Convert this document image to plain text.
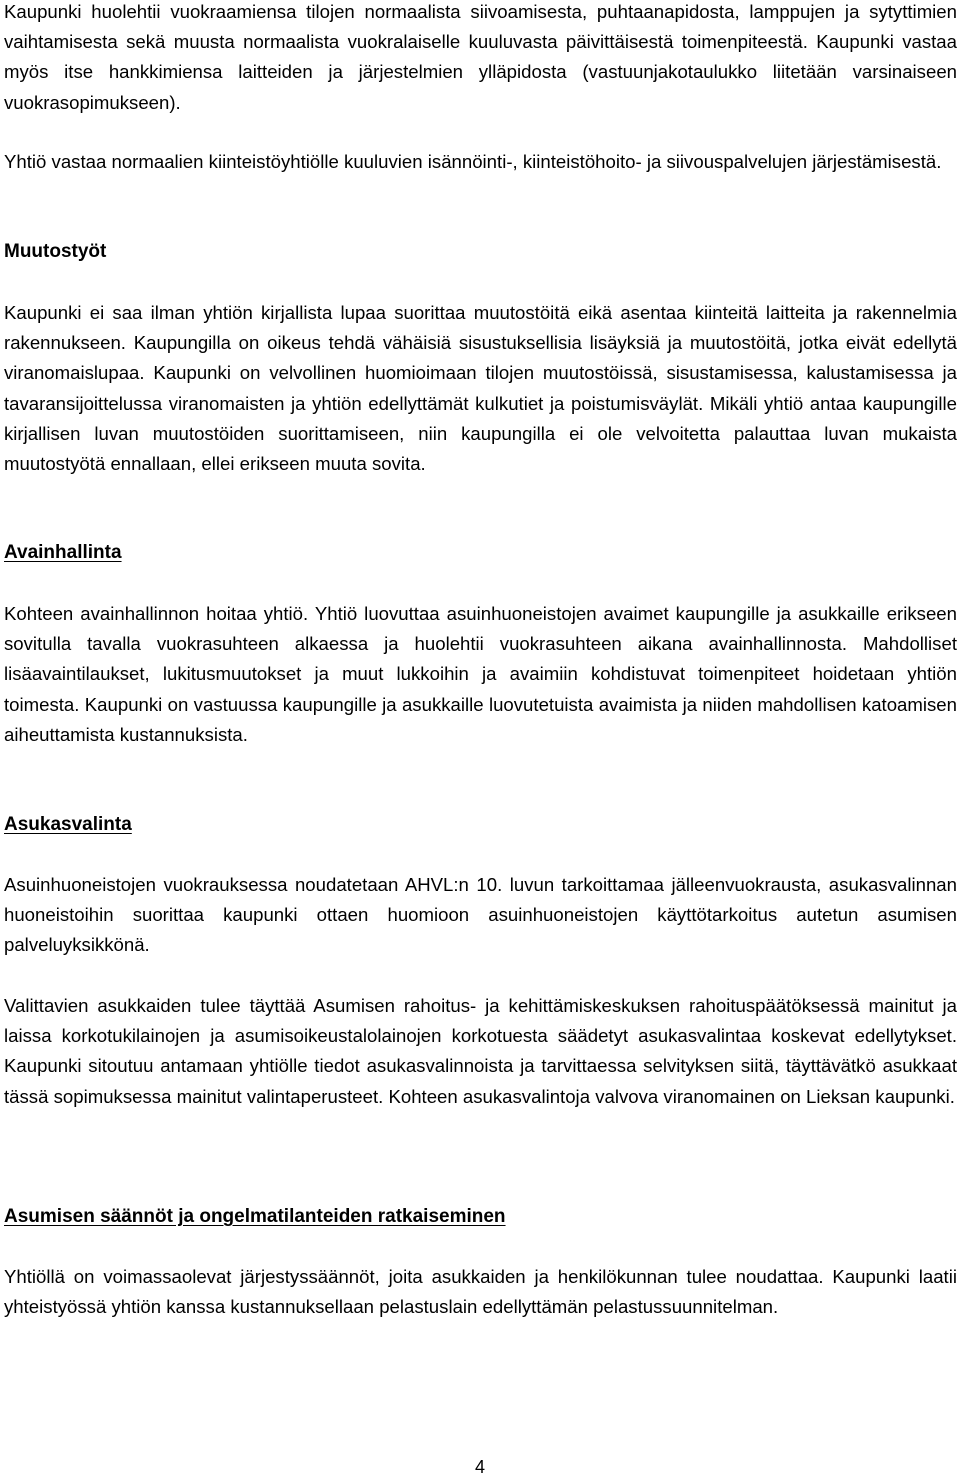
Kaupunki huolehtii vuokraamiensa tilojen normaalista siivoamisesta, puhtaanapidosta, lamppujen ja sytyttimien vaihtamisesta sekä muusta normaalista vuokralaiselle kuuluvasta päivittäisestä toimenpiteestä. Kaupunki vastaa myös itse hankkimiensa laitteiden ja järjestelmien ylläpidosta (vastuunjakotaulukko liitetään varsinaiseen vuokrasopimukseen).

Yhtiö vastaa normaalien kiinteistöyhtiölle kuuluvien isännöinti-, kiinteistöhoito- ja siivouspalvelujen järjestämisestä.

Muutostyöt

Kaupunki ei saa ilman yhtiön kirjallista lupaa suorittaa muutostöitä eikä asentaa kiinteitä laitteita ja rakennelmia rakennukseen. Kaupungilla on oikeus tehdä vähäisiä sisustuksellisia lisäyksiä ja muutostöitä, jotka eivät edellytä viranomaislupaa. Kaupunki on velvollinen huomioimaan tilojen muutostöissä, sisustamisessa, kalustamisessa ja tavaransijoittelussa viranomaisten ja yhtiön edellyttämät kulkutiet ja poistumisväylät. Mikäli yhtiö antaa kaupungille kirjallisen luvan muutostöiden suorittamiseen, niin kaupungilla ei ole velvoitetta palauttaa luvan mukaista muutostyötä ennallaan, ellei erikseen muuta sovita.

Avainhallinta

Kohteen avainhallinnon hoitaa yhtiö. Yhtiö luovuttaa asuinhuoneistojen avaimet kaupungille ja asukkaille erikseen sovitulla tavalla vuokrasuhteen alkaessa ja huolehtii vuokrasuhteen aikana avainhallinnosta. Mahdolliset lisäavaintilaukset, lukitusmuutokset ja muut lukkoihin ja avaimiin kohdistuvat toimenpiteet hoidetaan yhtiön toimesta. Kaupunki on vastuussa kaupungille ja asukkaille luovutetuista avaimista ja niiden mahdollisen katoamisen aiheuttamista kustannuksista.

Asukasvalinta

Asuinhuoneistojen vuokrauksessa noudatetaan AHVL:n 10. luvun tarkoittamaa jälleenvuokrausta, asukasvalinnan huoneistoihin suorittaa kaupunki ottaen huomioon asuinhuoneistojen käyttötarkoitus autetun asumisen palveluyksikkönä.

Valittavien asukkaiden tulee täyttää Asumisen rahoitus- ja kehittämiskeskuksen rahoituspäätöksessä mainitut ja laissa korkotukilainojen ja asumisoikeustalolainojen korkotuesta säädetyt asukasvalintaa koskevat edellytykset. Kaupunki sitoutuu antamaan yhtiölle tiedot asukasvalinnoista ja tarvittaessa selvityksen siitä, täyttävätkö asukkaat tässä sopimuksessa mainitut valintaperusteet. Kohteen asukasvalintoja valvova viranomainen on Lieksan kaupunki.

Asumisen säännöt ja ongelmatilanteiden ratkaiseminen

Yhtiöllä on voimassaolevat järjestyssäännöt, joita asukkaiden ja henkilökunnan tulee noudattaa. Kaupunki laatii yhteistyössä yhtiön kanssa kustannuksellaan pelastuslain edellyttämän pelastussuunnitelman.

4
